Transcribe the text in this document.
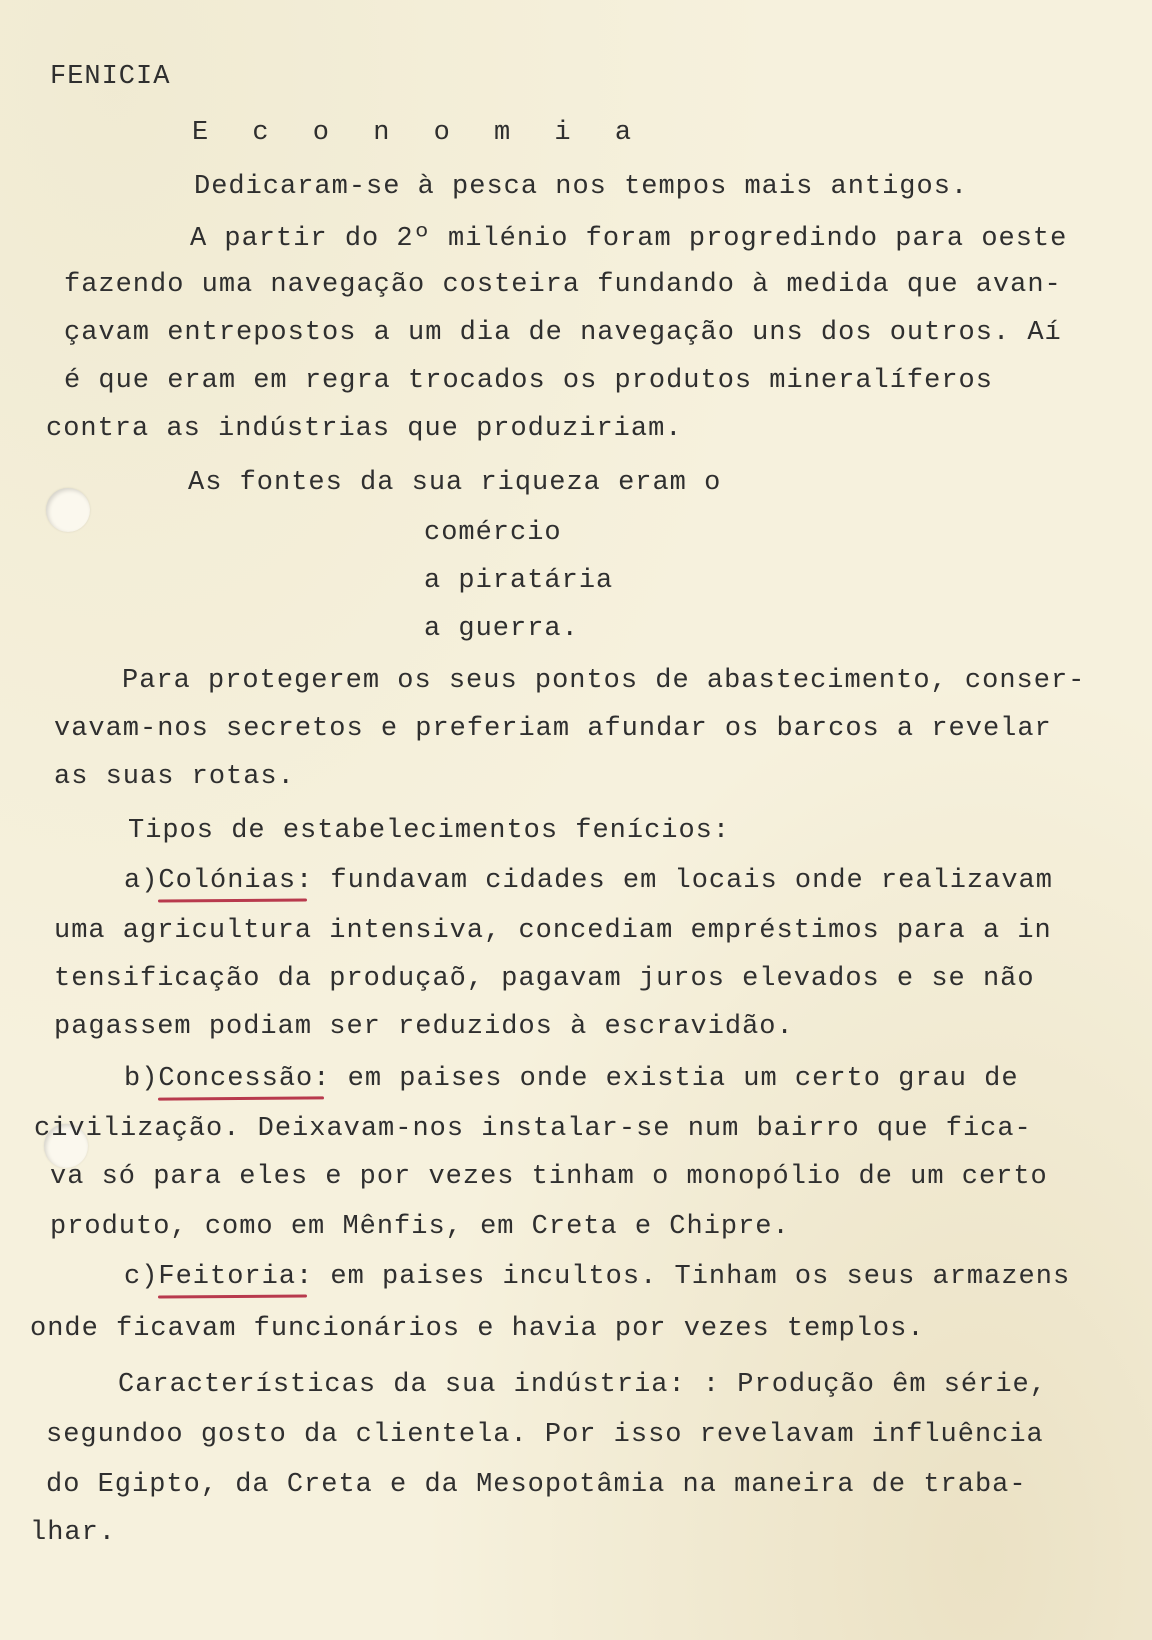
FENICIA
E c o n o m i a
Dedicaram-se à pesca nos tempos mais antigos.
A partir do 2º milénio foram progredindo para oeste
fazendo uma navegação costeira fundando à medida que avan-
çavam entrepostos a um dia de navegação uns dos outros. Aí
é que eram em regra trocados os produtos mineralíferos
contra as indústrias que produziriam.
As fontes da sua riqueza eram o
comércio
a piratária
a guerra.
Para protegerem os seus pontos de abastecimento, conser-
vavam-nos secretos e preferiam afundar os barcos a revelar
as suas rotas.
Tipos de estabelecimentos fenícios:
a)Colónias: fundavam cidades em locais onde realizavam
uma agricultura intensiva, concediam empréstimos para a in
tensificação da produçaõ, pagavam juros elevados e se não
pagassem podiam ser reduzidos à escravidão.
b)Concessão: em paises onde existia um certo grau de
civilização. Deixavam-nos instalar-se num bairro que fica-
va só para eles e por vezes tinham o monopólio de um certo
produto, como em Mênfis, em Creta e Chipre.
c)Feitoria: em paises incultos. Tinham os seus armazens
onde ficavam funcionários e havia por vezes templos.
Características da sua indústria: : Produção êm série,
segundoo gosto da clientela. Por isso revelavam influência
do Egipto, da Creta e da Mesopotâmia na maneira de traba-
lhar.
